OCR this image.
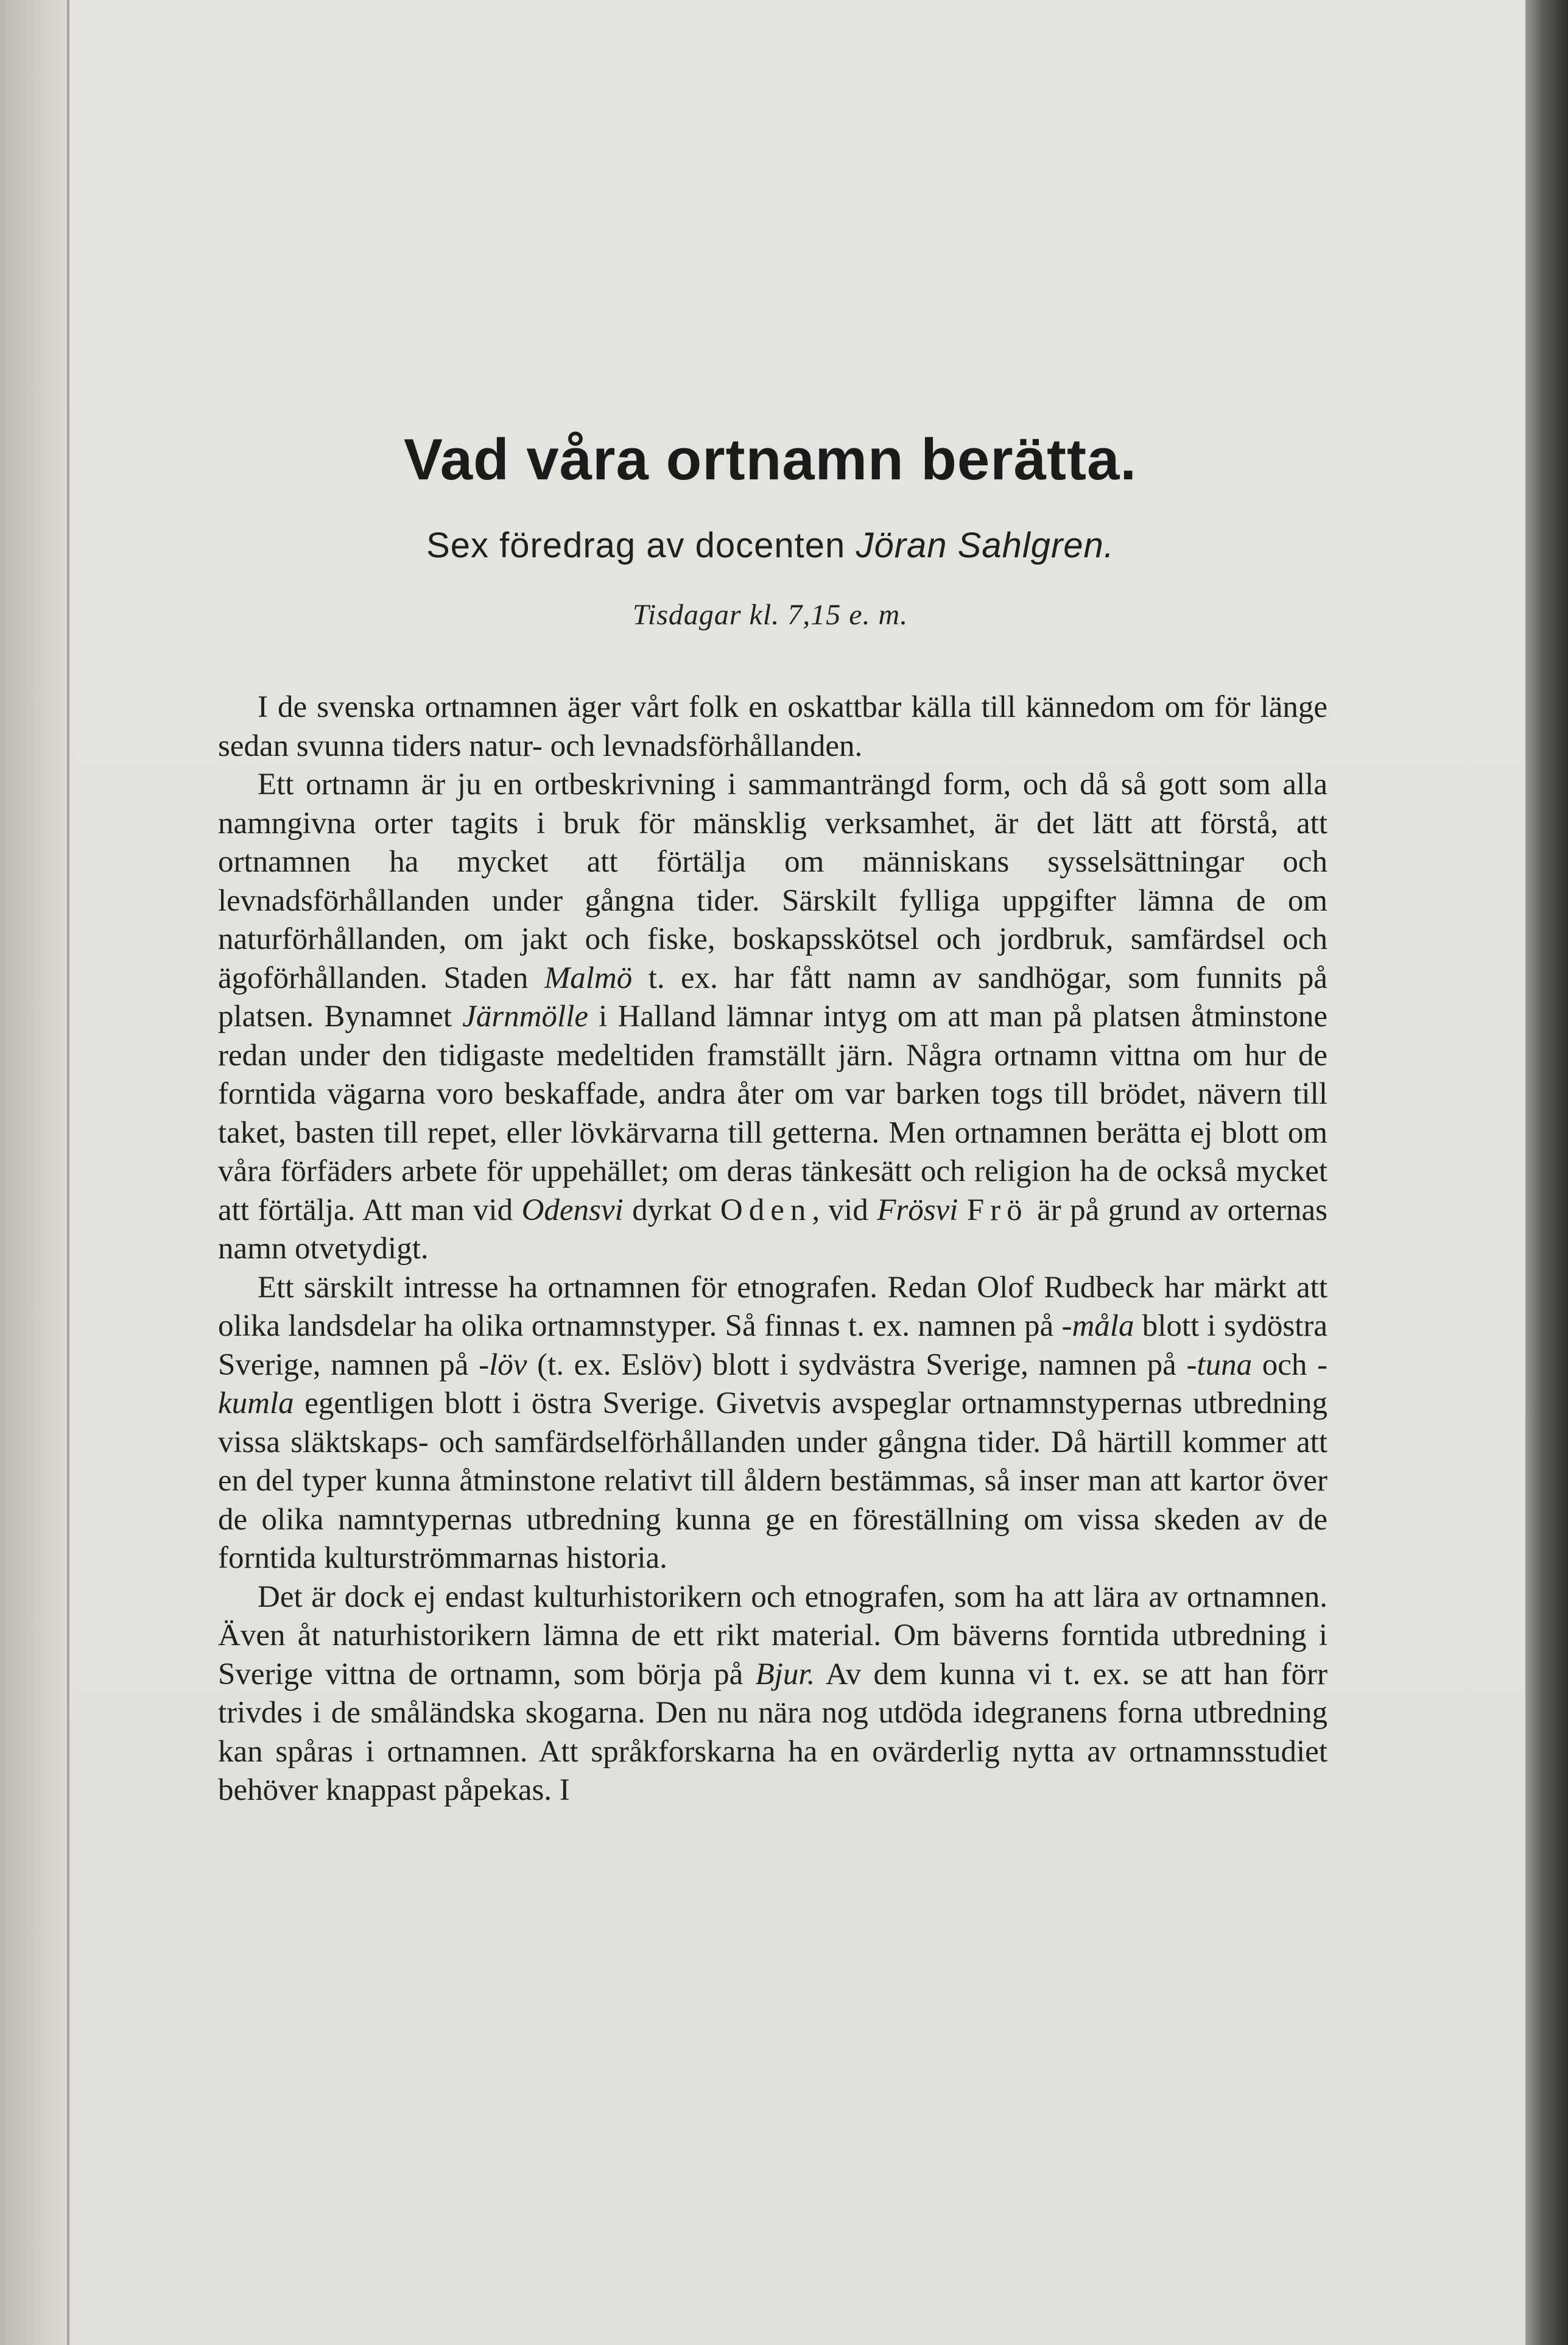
Vad våra ortnamn berätta.
Sex föredrag av docenten Jöran Sahlgren.
Tisdagar kl. 7,15 e. m.

I de svenska ortnamnen äger vårt folk en oskattbar källa till kännedom om för länge sedan svunna tiders natur- och levnadsförhållanden.

Ett ortnamn är ju en ortbeskrivning i sammanträngd form, och då så gott som alla namngivna orter tagits i bruk för mänsklig verksamhet, är det lätt att förstå, att ortnamnen ha mycket att förtälja om människans sysselsättningar och levnadsförhållanden under gångna tider. Särskilt fylliga uppgifter lämna de om naturförhållanden, om jakt och fiske, boskapsskötsel och jordbruk, samfärdsel och ägoförhållanden. Staden Malmö t. ex. har fått namn av sandhögar, som funnits på platsen. Bynamnet Järnmölle i Halland lämnar intyg om att man på platsen åtminstone redan under den tidigaste medeltiden framställt järn. Några ortnamn vittna om hur de forntida vägarna voro beskaffade, andra åter om var barken togs till brödet, nävern till taket, basten till repet, eller lövkärvarna till getterna. Men ortnamnen berätta ej blott om våra förfäders arbete för uppehället; om deras tänkesätt och religion ha de också mycket att förtälja. Att man vid Odensvi dyrkat Oden, vid Frösvi Frö är på grund av orternas namn otvetydigt.

Ett särskilt intresse ha ortnamnen för etnografen. Redan Olof Rudbeck har märkt att olika landsdelar ha olika ortnamnstyper. Så finnas t. ex. namnen på -måla blott i sydöstra Sverige, namnen på -löv (t. ex. Eslöv) blott i sydvästra Sverige, namnen på -tuna och -kumla egentligen blott i östra Sverige. Givetvis avspeglar ortnamnstypernas utbredning vissa släktskaps- och samfärdselförhållanden under gångna tider. Då härtill kommer att en del typer kunna åtminstone relativt till åldern bestämmas, så inser man att kartor över de olika namntypernas utbredning kunna ge en föreställning om vissa skeden av de forntida kulturströmmarnas historia.

Det är dock ej endast kulturhistorikern och etnografen, som ha att lära av ortnamnen. Även åt naturhistorikern lämna de ett rikt material. Om bäverns forntida utbredning i Sverige vittna de ortnamn, som börja på Bjur. Av dem kunna vi t. ex. se att han förr trivdes i de småländska skogarna. Den nu nära nog utdöda idegranens forna utbredning kan spåras i ortnamnen. Att språkforskarna ha en ovärderlig nytta av ortnamnsstudiet behöver knappast påpekas. I
